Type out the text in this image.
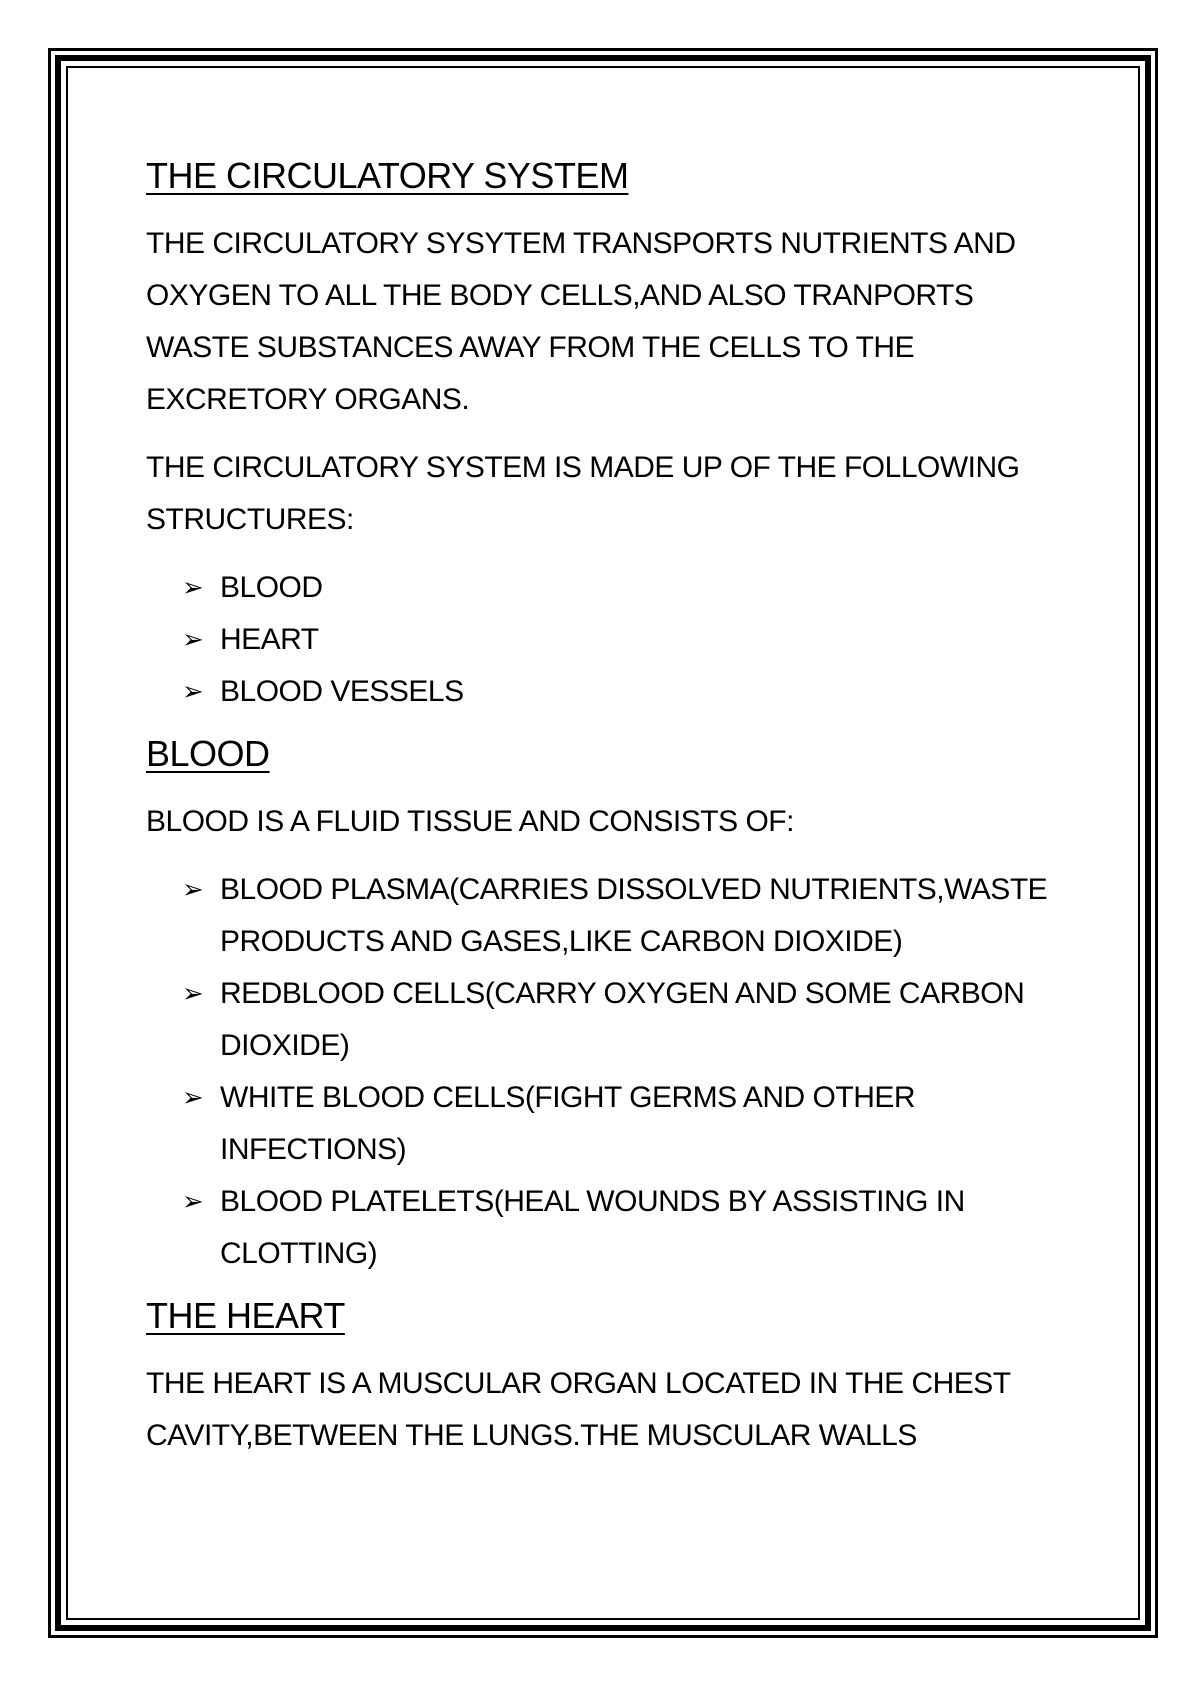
THE CIRCULATORY SYSTEM

THE CIRCULATORY SYSYTEM TRANSPORTS NUTRIENTS AND OXYGEN TO ALL THE BODY CELLS,AND ALSO TRANPORTS WASTE SUBSTANCES AWAY FROM THE CELLS TO THE EXCRETORY ORGANS.

THE CIRCULATORY SYSTEM IS MADE UP OF THE FOLLOWING STRUCTURES:

➢ BLOOD
➢ HEART
➢ BLOOD VESSELS
BLOOD

BLOOD IS A FLUID TISSUE AND CONSISTS OF:

➢ BLOOD PLASMA(CARRIES DISSOLVED NUTRIENTS,WASTE PRODUCTS AND GASES,LIKE CARBON DIOXIDE)
➢ REDBLOOD CELLS(CARRY OXYGEN AND SOME CARBON DIOXIDE)
➢ WHITE BLOOD CELLS(FIGHT GERMS AND OTHER INFECTIONS)
➢ BLOOD PLATELETS(HEAL WOUNDS BY ASSISTING IN CLOTTING)
THE HEART

THE HEART IS A MUSCULAR ORGAN LOCATED IN THE CHEST CAVITY,BETWEEN THE LUNGS.THE MUSCULAR WALLS
